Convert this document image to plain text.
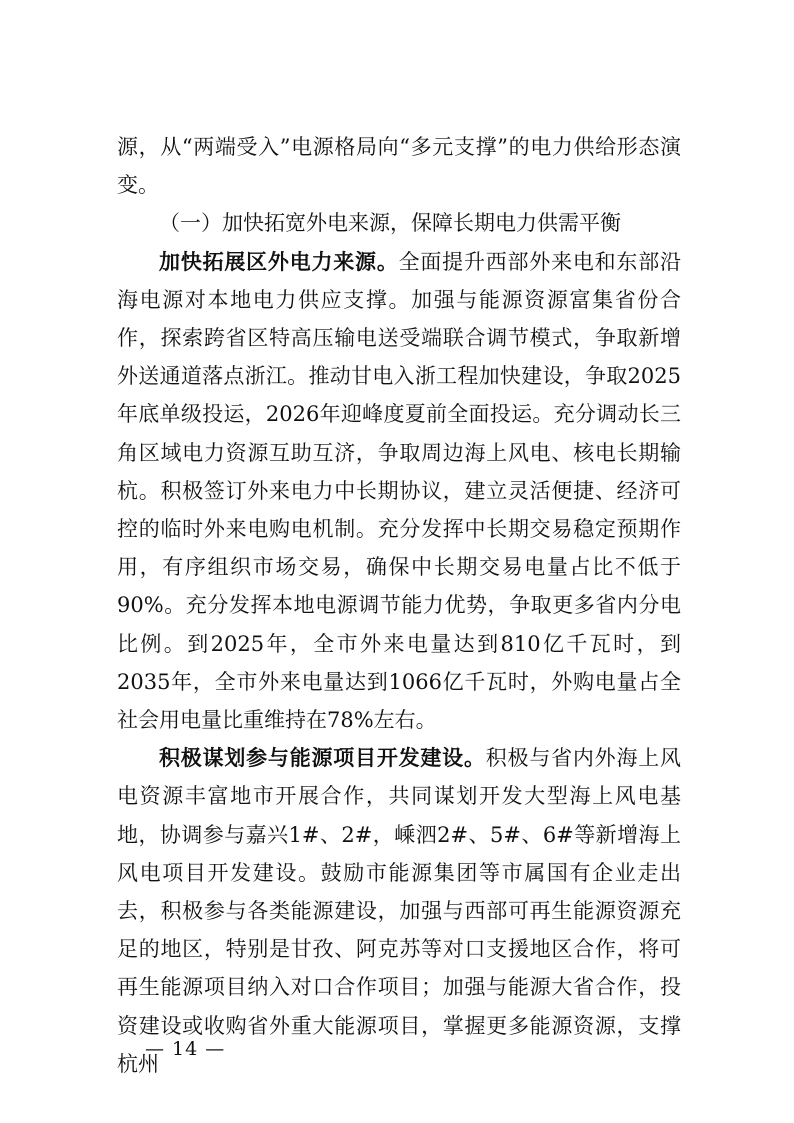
源，从“两端受入”电源格局向“多元支撑”的电力供给形态演变。

（一）加快拓宽外电来源，保障长期电力供需平衡

加快拓展区外电力来源。全面提升西部外来电和东部沿海电源对本地电力供应支撑。加强与能源资源富集省份合作，探索跨省区特高压输电送受端联合调节模式，争取新增外送通道落点浙江。推动甘电入浙工程加快建设，争取2025年底单级投运，2026年迎峰度夏前全面投运。充分调动长三角区域电力资源互助互济，争取周边海上风电、核电长期输杭。积极签订外来电力中长期协议，建立灵活便捷、经济可控的临时外来电购电机制。充分发挥中长期交易稳定预期作用，有序组织市场交易，确保中长期交易电量占比不低于90%。充分发挥本地电源调节能力优势，争取更多省内分电比例。到2025年，全市外来电量达到810亿千瓦时，到2035年，全市外来电量达到1066亿千瓦时，外购电量占全社会用电量比重维持在78%左右。

积极谋划参与能源项目开发建设。积极与省内外海上风电资源丰富地市开展合作，共同谋划开发大型海上风电基地，协调参与嘉兴1#、2#，嵊泗2#、5#、6#等新增海上风电项目开发建设。鼓励市能源集团等市属国有企业走出去，积极参与各类能源建设，加强与西部可再生能源资源充足的地区，特别是甘孜、阿克苏等对口支援地区合作，将可再生能源项目纳入对口合作项目；加强与能源大省合作，投资建设或收购省外重大能源项目，掌握更多能源资源，支撑杭州

— 14 —
